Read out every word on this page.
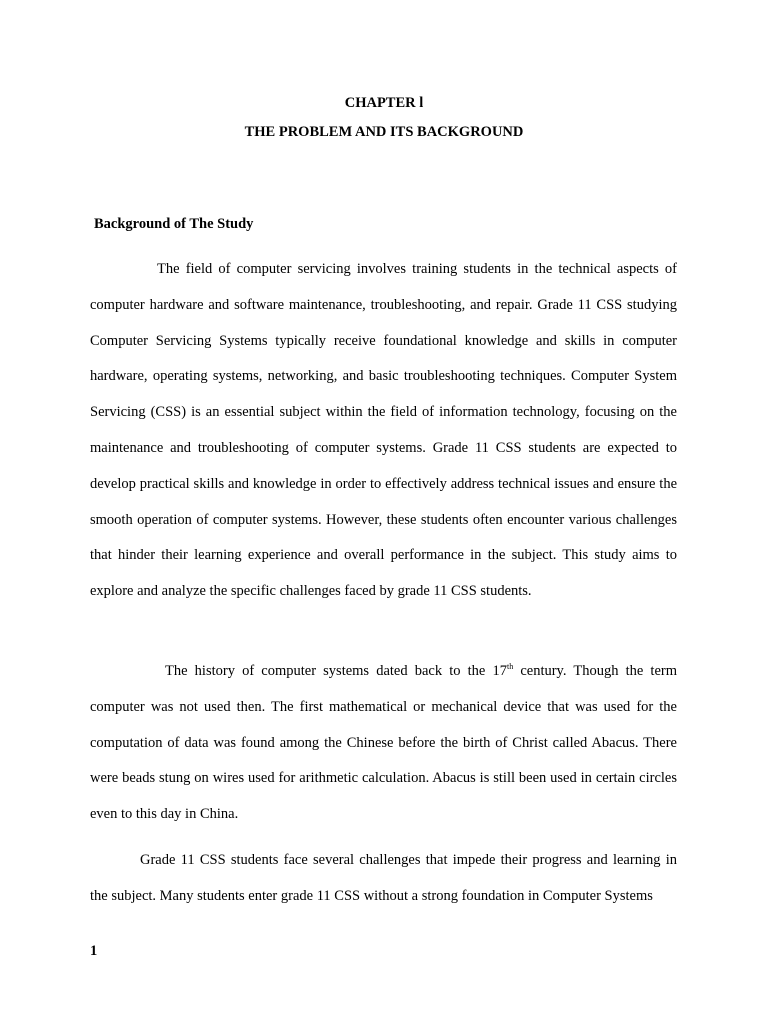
CHAPTER l
THE PROBLEM AND ITS BACKGROUND
Background of The Study

The field of computer servicing involves training students in the technical aspects of computer hardware and software maintenance, troubleshooting, and repair. Grade 11 CSS studying Computer Servicing Systems typically receive foundational knowledge and skills in computer hardware, operating systems, networking, and basic troubleshooting techniques. Computer System Servicing (CSS) is an essential subject within the field of information technology, focusing on the maintenance and troubleshooting of computer systems. Grade 11 CSS students are expected to develop practical skills and knowledge in order to effectively address technical issues and ensure the smooth operation of computer systems. However, these students often encounter various challenges that hinder their learning experience and overall performance in the subject. This study aims to explore and analyze the specific challenges faced by grade 11 CSS students.

The history of computer systems dated back to the 17th century. Though the term computer was not used then. The first mathematical or mechanical device that was used for the computation of data was found among the Chinese before the birth of Christ called Abacus. There were beads stung on wires used for arithmetic calculation. Abacus is still been used in certain circles even to this day in China.

Grade 11 CSS students face several challenges that impede their progress and learning in the subject. Many students enter grade 11 CSS without a strong foundation in Computer Systems

1
